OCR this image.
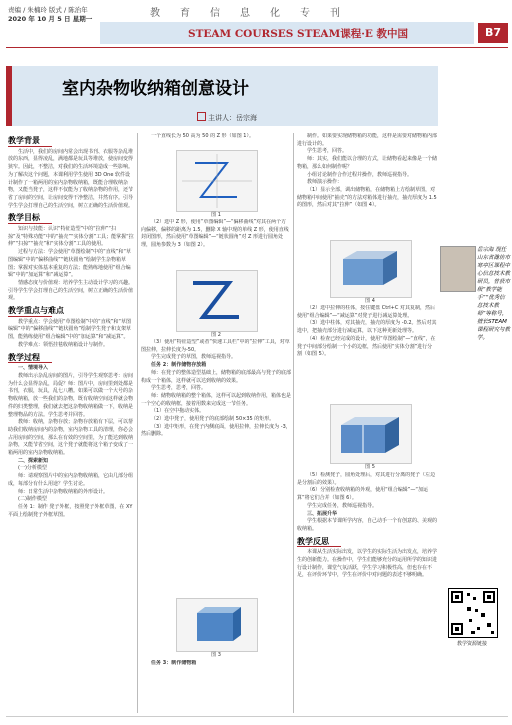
责编 / 朱楠玲 版式 / 陈治年
2020 年 10 月 5 日 星期一	教育信息化专刊
STEAM COURSES STEAM课程·E 教中国	B7
室内杂物收纳箱创意设计
主讲人：岳宗海
教学背景

生活中，我们的房间内常会出现书刊、衣服等杂乱堆放的东西，显得凌乱，满地都是玩具等堆放，使房间变得狭窄。因此，不整洁，对我们的生活环境造成一些影响。为了解决这个问题，本课利用学生使用 3D One 软件设计制作了一箱两用的室内杂物收纳箱，既能合理收纳杂物，又能当凳子，这样不仅能为了收纳杂物的作用，还节省了房间的空间，让房间变得干净整洁，井然有序。引导学生学会打理自己的生活空间，树立正确的生活价值观。

教学目标

知识与技能：认识“特征造型”中的“拉伸”“扫掠”及“特殊功能”中的“抽壳”“实体分割”工具；能掌握“拉伸”“扫掠”“抽壳”和“实体分割”工具的使用。

过程与方法：学会使用“草图绘制”中的“直线”和“草图编辑”中的“偏移曲线”“链状圆角”绘制学生杂物箱草图；掌握对实体基本重复的方法；能熟练地使用“组合编辑”中的“加运算”和“减运算”。

情感态度与价值观：培养学生主动设计学习的兴趣。引导学生学会打理自己的生活空间，树立正确的生活价值观。

教学重点与难点

教学重点：学会使用“草图绘制”中的“直线”和“草图编辑”中的“偏移曲线”“链状圆角”绘制学生凳子和支架草图，能熟练使用“组合编辑”中的“加运算”和“减运算”。

教学难点：领悟挂毯收纳箱设计与制作。

教学过程

一、情境导入

教师出示杂乱房间的图片，引导学生观察思考：房间为什么会显得杂乱，局促？师：图片中，房间里到处都是书刊，衣服，玩具，乱七八糟。如果可以做一个大号的杂物收纳箱，放一些我们的杂物，既有收纳空间这样就会物件的归类整理，我们就去把这杂物收纳箱做一下，收纳是整理物品的方法。学生思考并回答。

教师：收纳，杂物存放；杂物存放箱有下层，可以帮助我们收纳房间内的杂物，室内杂物工具的清理，你必会占用房间的空间，那么在有效的空间里，为了能达到收纳杂物，又能节省空间，这个凳子就能将这个箱子变成了一箱两用的室内杂物收纳箱。

二、探索新知

(一)分析模型

师：请观察图片中的室内杂物收纳箱，它由几部分组成，每部分有什么用途？学生讨论。

师：日常生活中杂物收纳箱的外形设计。

(二)制作模型

任务 1：制作 凳子外框，按照凳子外框草图，在 XY 平面上绘制凳子外框草图。

一个直线长为 50 高为 50 的 Z 形（如图 1）。

图 1

（2）选中 Z 形，使用“草图编辑”—“偏移曲线”对其在两个方向偏移，偏移的距离为 1.5，删除 X 轴中现的单线 Z 形，使用直线封闭图形，然后使用“草图编辑”—“链状圆角”对 Z 形进行圆角处理，圆角参数为 3（如图 2）。

图 2

（3）使用“特征造型”或者“快速工具栏”中的“拉伸”工具，对草图拉伸，拉伸长度为-50。

学生完成凳子的草图，教师巡视指导。

任务 2：制作储物存放箱

师：在凳子的整体造型基础上，储物箱的底部最高与凳子的底部构成一个箱体，这样就可以达到收纳的效果。

学生思考，思考，回答。

师：储物收纳箱的整个箱体，这样可以起到收纳作用，箱体也是一个空心的收纳框，接着用数来完成这一节任务。

（1）在空中拖动实体。

（2）选中凳子，使用凳子的底部绘制 50×35 的矩形。

（3）选中矩形，在凳子内侧底面，使用拉伸，拉伸长度为 -3，然后删除。

图 3

任务 3：制作储物箱

制作。如果要实现储物箱的功能，这样是需要对储物箱内部进行设计的。

学生思考，回答。

师：其实，我们能以合理的方式，让储物看起来像是一个储物箱，那么如何制作呢？

小组讨论制作合作过程并操作，教师巡视指导。

教师演示操作：

（1）显示全部，调出储物箱，在储物箱上方绘制草图，对储物箱中间使用“抽壳”的方法对箱体进行抽壳，抽壳厚度为 1.5 的图形，然后对其“拉伸”（如图 4）。

图 4

（2）选中拉伸的柱体，按住键盘 Ctrl+C 对其复制，然后使用“组合编辑”—“减运算”对凳子进行减运算处理。

（3）选中柱体，对其抽壳，抽壳的厚度为 -0.2。然后对其选中，把抽壳部分进行减运算，以下这种更新处理等。

（4）检查已经完成的设计，使用“草图绘制”—“直线”，在凳子中间部分绘制一个小的边框，然后使用“实体分割”进行分割（如图 5）。

图 5

（5）检测凳子，圆角处理后，对其进行分离的凳子（左边是分割后的效果）。

（6）分别检查收纳箱的外观，使用“组合编辑”—“加运算”将它们合并（如图 6）。

学生完成任务，教师巡视指导。

三、拓展升华

学生根据本节课所学内容，自己动手一个有创意的、美观的收纳箱。

教学反思

本课从生活实际出发，以学生的实际生活为出发点，培养学生的创新能力。在操作中，学生们能够充分的运用所学的知识进行设计制作，课堂气氛活跃，学生学习积极性高，但也存在不足，在评价环节中，学生在评价中对问题的表述不够明确。

岳宗海 现任山东省潍坊市寒亭区课程中心信息技术教研员，曾获市级“教学能手”“优秀信息技术教师”等称号，擅长STEAM课程研究与教学。
教学资源链接
